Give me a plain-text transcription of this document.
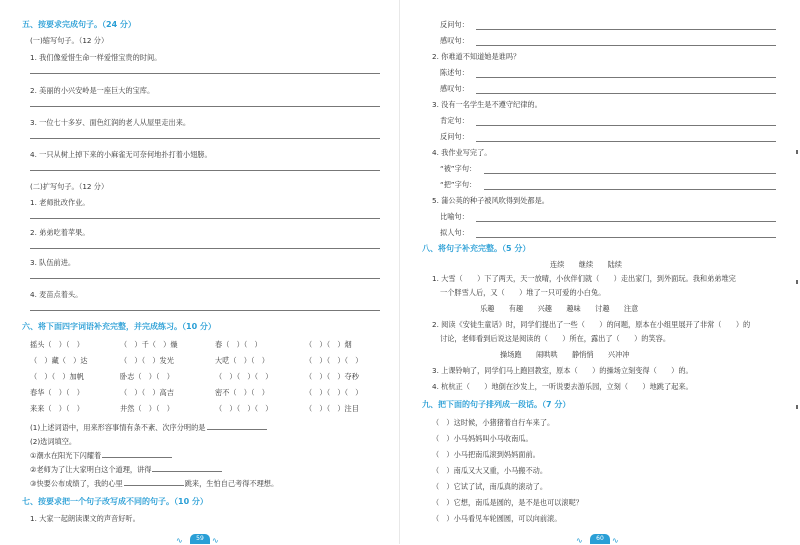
五、按要求完成句子。（24 分）
(一)缩写句子。（12 分）
1. 我们像爱惜生命一样爱惜宝贵的时间。
2. 美丽的小兴安岭是一座巨大的宝库。
3. 一位七十多岁、面色红润的老人从屋里走出来。
4. 一只从树上掉下来的小麻雀无可奈何地扑打着小翅膀。
(二)扩写句子。（12 分）
1. 老师批改作业。
2. 弟弟吃着苹果。
3. 队伍前进。
4. 麦苗点着头。
六、将下面四字词语补充完整，并完成练习。（10 分）
摇头（　）（　）	（　）千（　）燥	春（　）（　）	（　）（　）烟
（　）藏（　）达	（　）（　）发光	大呓（　）（　）	（　）（　）（　）
（　）（　）加帆	卧志（　）（　）	（　）（　）（　）	（　）（　）夺秒
春华（　）（　）	（　）（　）高吉	密不（　）（　）	（　）（　）（　）
来来（　）（　）	井然（　）（　）	（　）（　）（　）	（　）（　）注目
(1)上述词语中，用来形容事情有条不紊、次序分明的是
(2)选词填空。
①潮水在阳光下闪耀着
②老师为了让大家明白这个道理，讲得
③快要公布成绩了，我的心里	跳来，生怕自己考得不理想。
七、按要求把一个句子改写成不同的句子。（10 分）
1. 大家一起朗读课文的声音好听。
∿	59	∿
反问句：
感叹句：
2. 你难道不知道她是谁吗？
陈述句：
感叹句：
3. 没有一名学生是不遵守纪律的。
肯定句：
反问句：
4. 我作业写完了。
“被”字句：
“把”字句：
5. 蒲公英的种子被风吹得到处都是。
比喻句：
拟人句：
八、将句子补充完整。（5 分）
连续　　 继续　　 陆续
1. 大雪（　　）下了两天，天一放晴，小伙伴们就（　　）走出家门，到外面玩。我和弟弟堆完
一个胖雪人后，又（　　）堆了一只可爱的小白兔。
乐趣　　 有趣　　 兴趣　　 趣味　　 讨趣　　 注意
2. 阅读《安徒生童话》时，同学们提出了一些（　　）的问题，原本在小组里展开了非常（　　）的
讨论，老师看到后说这是阅读的（　　）所在，露出了（　　）的笑容。
操场跑　　 闹哄哄　　 静悄悄　　 兴冲冲
3. 上课铃响了，同学们马上跑回教室，原本（　　）的操场立刻变得（　　）的。
4. 杭杭正（　　）地倒在沙发上，一听说要去游乐园，立刻（　　）地跳了起来。
九、把下面的句子排列成一段话。（7 分）
（　）这时候，小猪猪着自行车来了。
（　）小马妈妈叫小马收南瓜。
（　）小马把南瓜滚到妈妈面前。
（　）南瓜又大又重，小马搬不动。
（　）它试了试，南瓜真的滚动了。
（　）它想，南瓜是圆的，是不是也可以滚呢？
（　）小马看见车轮圆圆，可以向前滚。
∿	60	∿
